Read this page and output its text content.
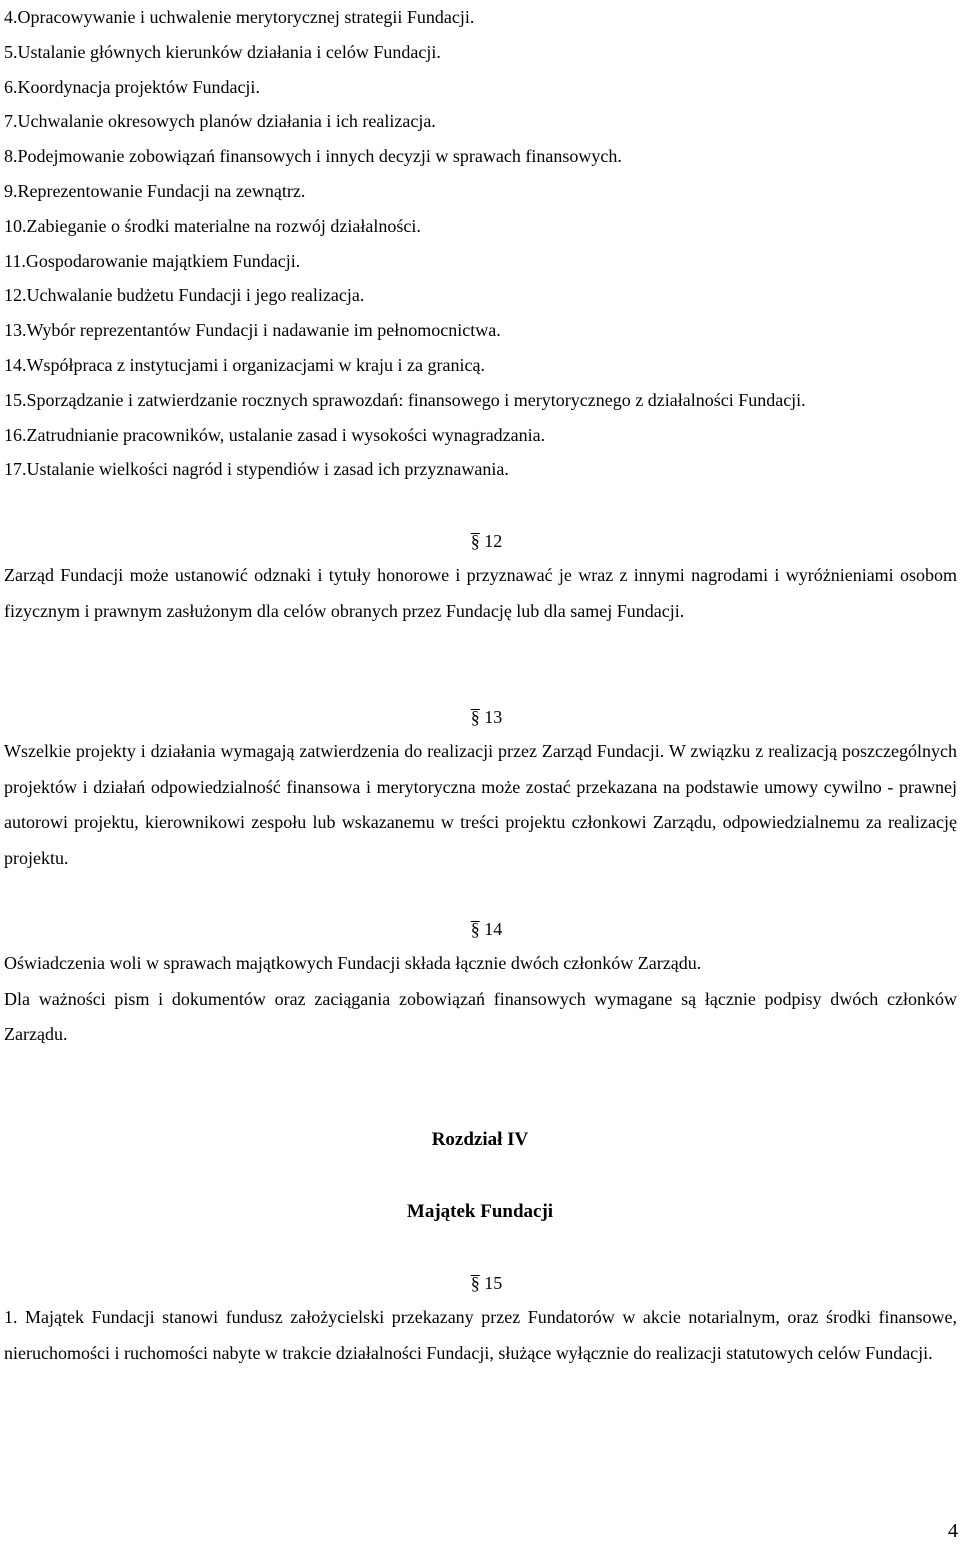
4.Opracowywanie i uchwalenie merytorycznej strategii Fundacji.
5.Ustalanie głównych kierunków działania i celów Fundacji.
6.Koordynacja projektów Fundacji.
7.Uchwalanie okresowych planów działania i ich realizacja.
8.Podejmowanie zobowiązań finansowych i innych decyzji w sprawach finansowych.
9.Reprezentowanie Fundacji na zewnątrz.
10.Zabieganie o środki materialne na rozwój działalności.
11.Gospodarowanie majątkiem Fundacji.
12.Uchwalanie budżetu Fundacji i jego realizacja.
13.Wybór reprezentantów Fundacji i nadawanie im pełnomocnictwa.
14.Współpraca z instytucjami i organizacjami w kraju i za granicą.
15.Sporządzanie i zatwierdzanie rocznych sprawozdań: finansowego i merytorycznego z działalności Fundacji.
16.Zatrudnianie pracowników, ustalanie zasad i wysokości wynagradzania.
17.Ustalanie wielkości nagród i stypendiów i zasad ich przyznawania.
§ 12

Zarząd Fundacji może ustanowić odznaki i tytuły honorowe i przyznawać je wraz z innymi nagrodami i wyróżnieniami osobom fizycznym i prawnym zasłużonym dla celów obranych przez Fundację lub dla samej Fundacji.

§ 13

Wszelkie projekty i działania wymagają zatwierdzenia do realizacji przez Zarząd Fundacji. W związku z realizacją poszczególnych projektów i działań odpowiedzialność finansowa i merytoryczna może zostać przekazana na podstawie umowy cywilno - prawnej autorowi projektu, kierownikowi zespołu lub wskazanemu w treści projektu członkowi Zarządu, odpowiedzialnemu za realizację projektu.

§ 14

Oświadczenia woli w sprawach majątkowych Fundacji składa łącznie dwóch członków Zarządu.

Dla ważności pism i dokumentów oraz zaciągania zobowiązań finansowych wymagane są łącznie podpisy dwóch członków Zarządu.

Rozdział IV
Majątek Fundacji
§ 15

1. Majątek Fundacji stanowi fundusz założycielski przekazany przez Fundatorów w akcie notarialnym, oraz środki finansowe, nieruchomości i ruchomości nabyte w trakcie działalności Fundacji, służące wyłącznie do realizacji statutowych celów Fundacji.

4
